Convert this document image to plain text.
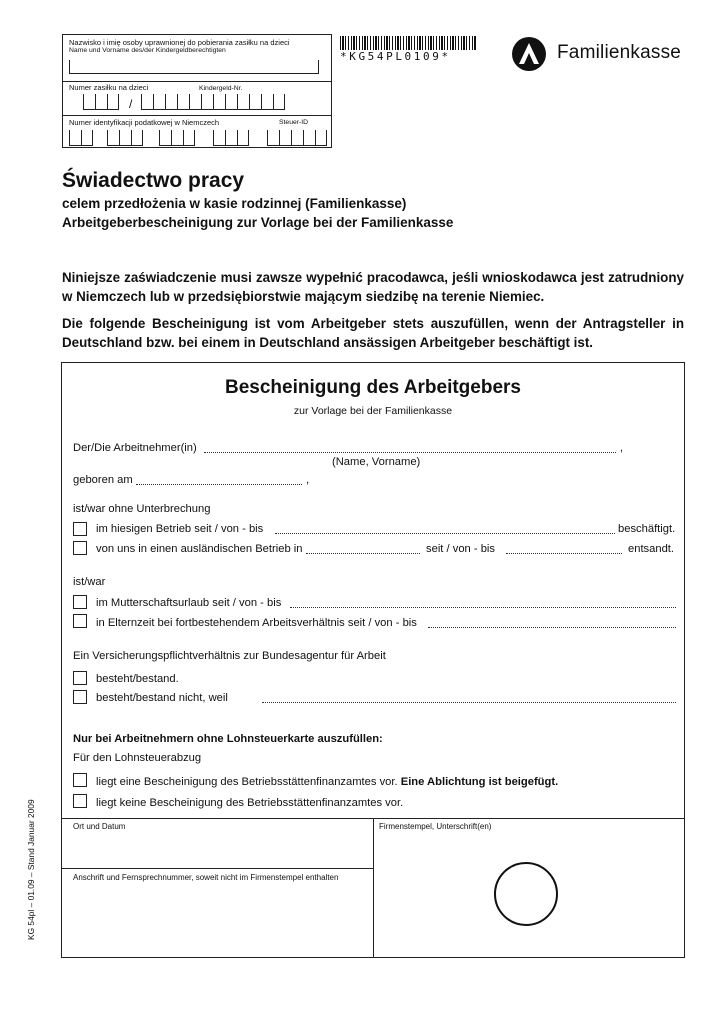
Nazwisko i imię osoby uprawnionej do pobierania zasiłku na dzieci
Name und Vorname des/der Kindergeldberechtigten
Numer zasiłku na dzieci	Kindergeld-Nr.
/
Numer identyfikacji podatkowej w Niemczech	Steuer-ID
*KG54PL0109*	Familienkasse
Świadectwo pracy
celem przedłożenia w kasie rodzinnej (Familienkasse)
Arbeitgeberbescheinigung zur Vorlage bei der Familienkasse
Niniejsze zaświadczenie musi zawsze wypełnić pracodawca, jeśli wnioskodawca jest zatrudniony w Niemczech lub w przedsiębiorstwie mającym siedzibę na terenie Niemiec.
Die folgende Bescheinigung ist vom Arbeitgeber stets auszufüllen, wenn der Antragsteller in Deutschland bzw. bei einem in Deutschland ansässigen Arbeitgeber beschäftigt ist.
Bescheinigung des Arbeitgebers
zur Vorlage bei der Familienkasse
Der/Die Arbeitnehmer(in)	,
(Name, Vorname)
geboren am	,
ist/war ohne Unterbrechung
im hiesigen Betrieb seit / von - bis	beschäftigt.
von uns in einen ausländischen Betrieb in	seit / von - bis	entsandt.
ist/war
im Mutterschaftsurlaub seit / von - bis
in Elternzeit bei fortbestehendem Arbeitsverhältnis seit / von - bis
Ein Versicherungspflichtverhältnis zur Bundesagentur für Arbeit
besteht/bestand.
besteht/bestand nicht, weil
Nur bei Arbeitnehmern ohne Lohnsteuerkarte auszufüllen:
Für den Lohnsteuerabzug
liegt eine Bescheinigung des Betriebsstättenfinanzamtes vor. Eine Ablichtung ist beigefügt.
liegt keine Bescheinigung des Betriebsstättenfinanzamtes vor.
Ort und Datum	Firmenstempel, Unterschrift(en)
Anschrift und Fernsprechnummer, soweit nicht im Firmenstempel enthalten
KG 54pl – 01.09 – Stand Januar 2009
